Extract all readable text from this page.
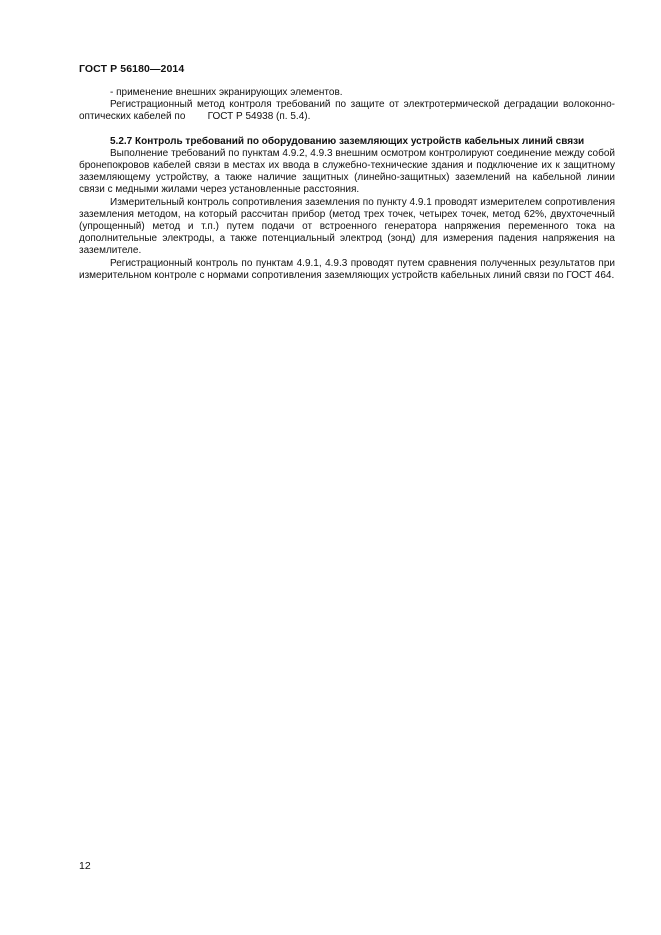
ГОСТ Р 56180—2014

- применение внешних экранирующих элементов.

Регистрационный метод контроля требований по защите от электротермической деградации волоконно-оптических кабелей по        ГОСТ Р 54938 (п. 5.4).

5.2.7 Контроль требований по оборудованию заземляющих устройств кабельных линий связи

Выполнение требований по пунктам 4.9.2, 4.9.3 внешним осмотром контролируют соединение между собой бронепокровов кабелей связи в местах их ввода в служебно-технические здания и подключение их к защитному заземляющему устройству, а также наличие защитных (линейно-защитных) заземлений на кабельной линии связи с медными жилами через установленные расстояния.

Измерительный контроль сопротивления заземления по пункту 4.9.1 проводят измерителем сопротивления заземления методом, на который рассчитан прибор (метод трех точек, четырех точек, метод 62%, двухточечный (упрощенный) метод и т.п.) путем подачи от встроенного генератора напряжения переменного тока на дополнительные электроды, а также потенциальный электрод (зонд) для измерения падения напряжения на заземлителе.

Регистрационный контроль по пунктам 4.9.1, 4.9.3 проводят путем сравнения полученных результатов при измерительном контроле с нормами сопротивления заземляющих устройств кабельных линий связи по ГОСТ 464.

12
